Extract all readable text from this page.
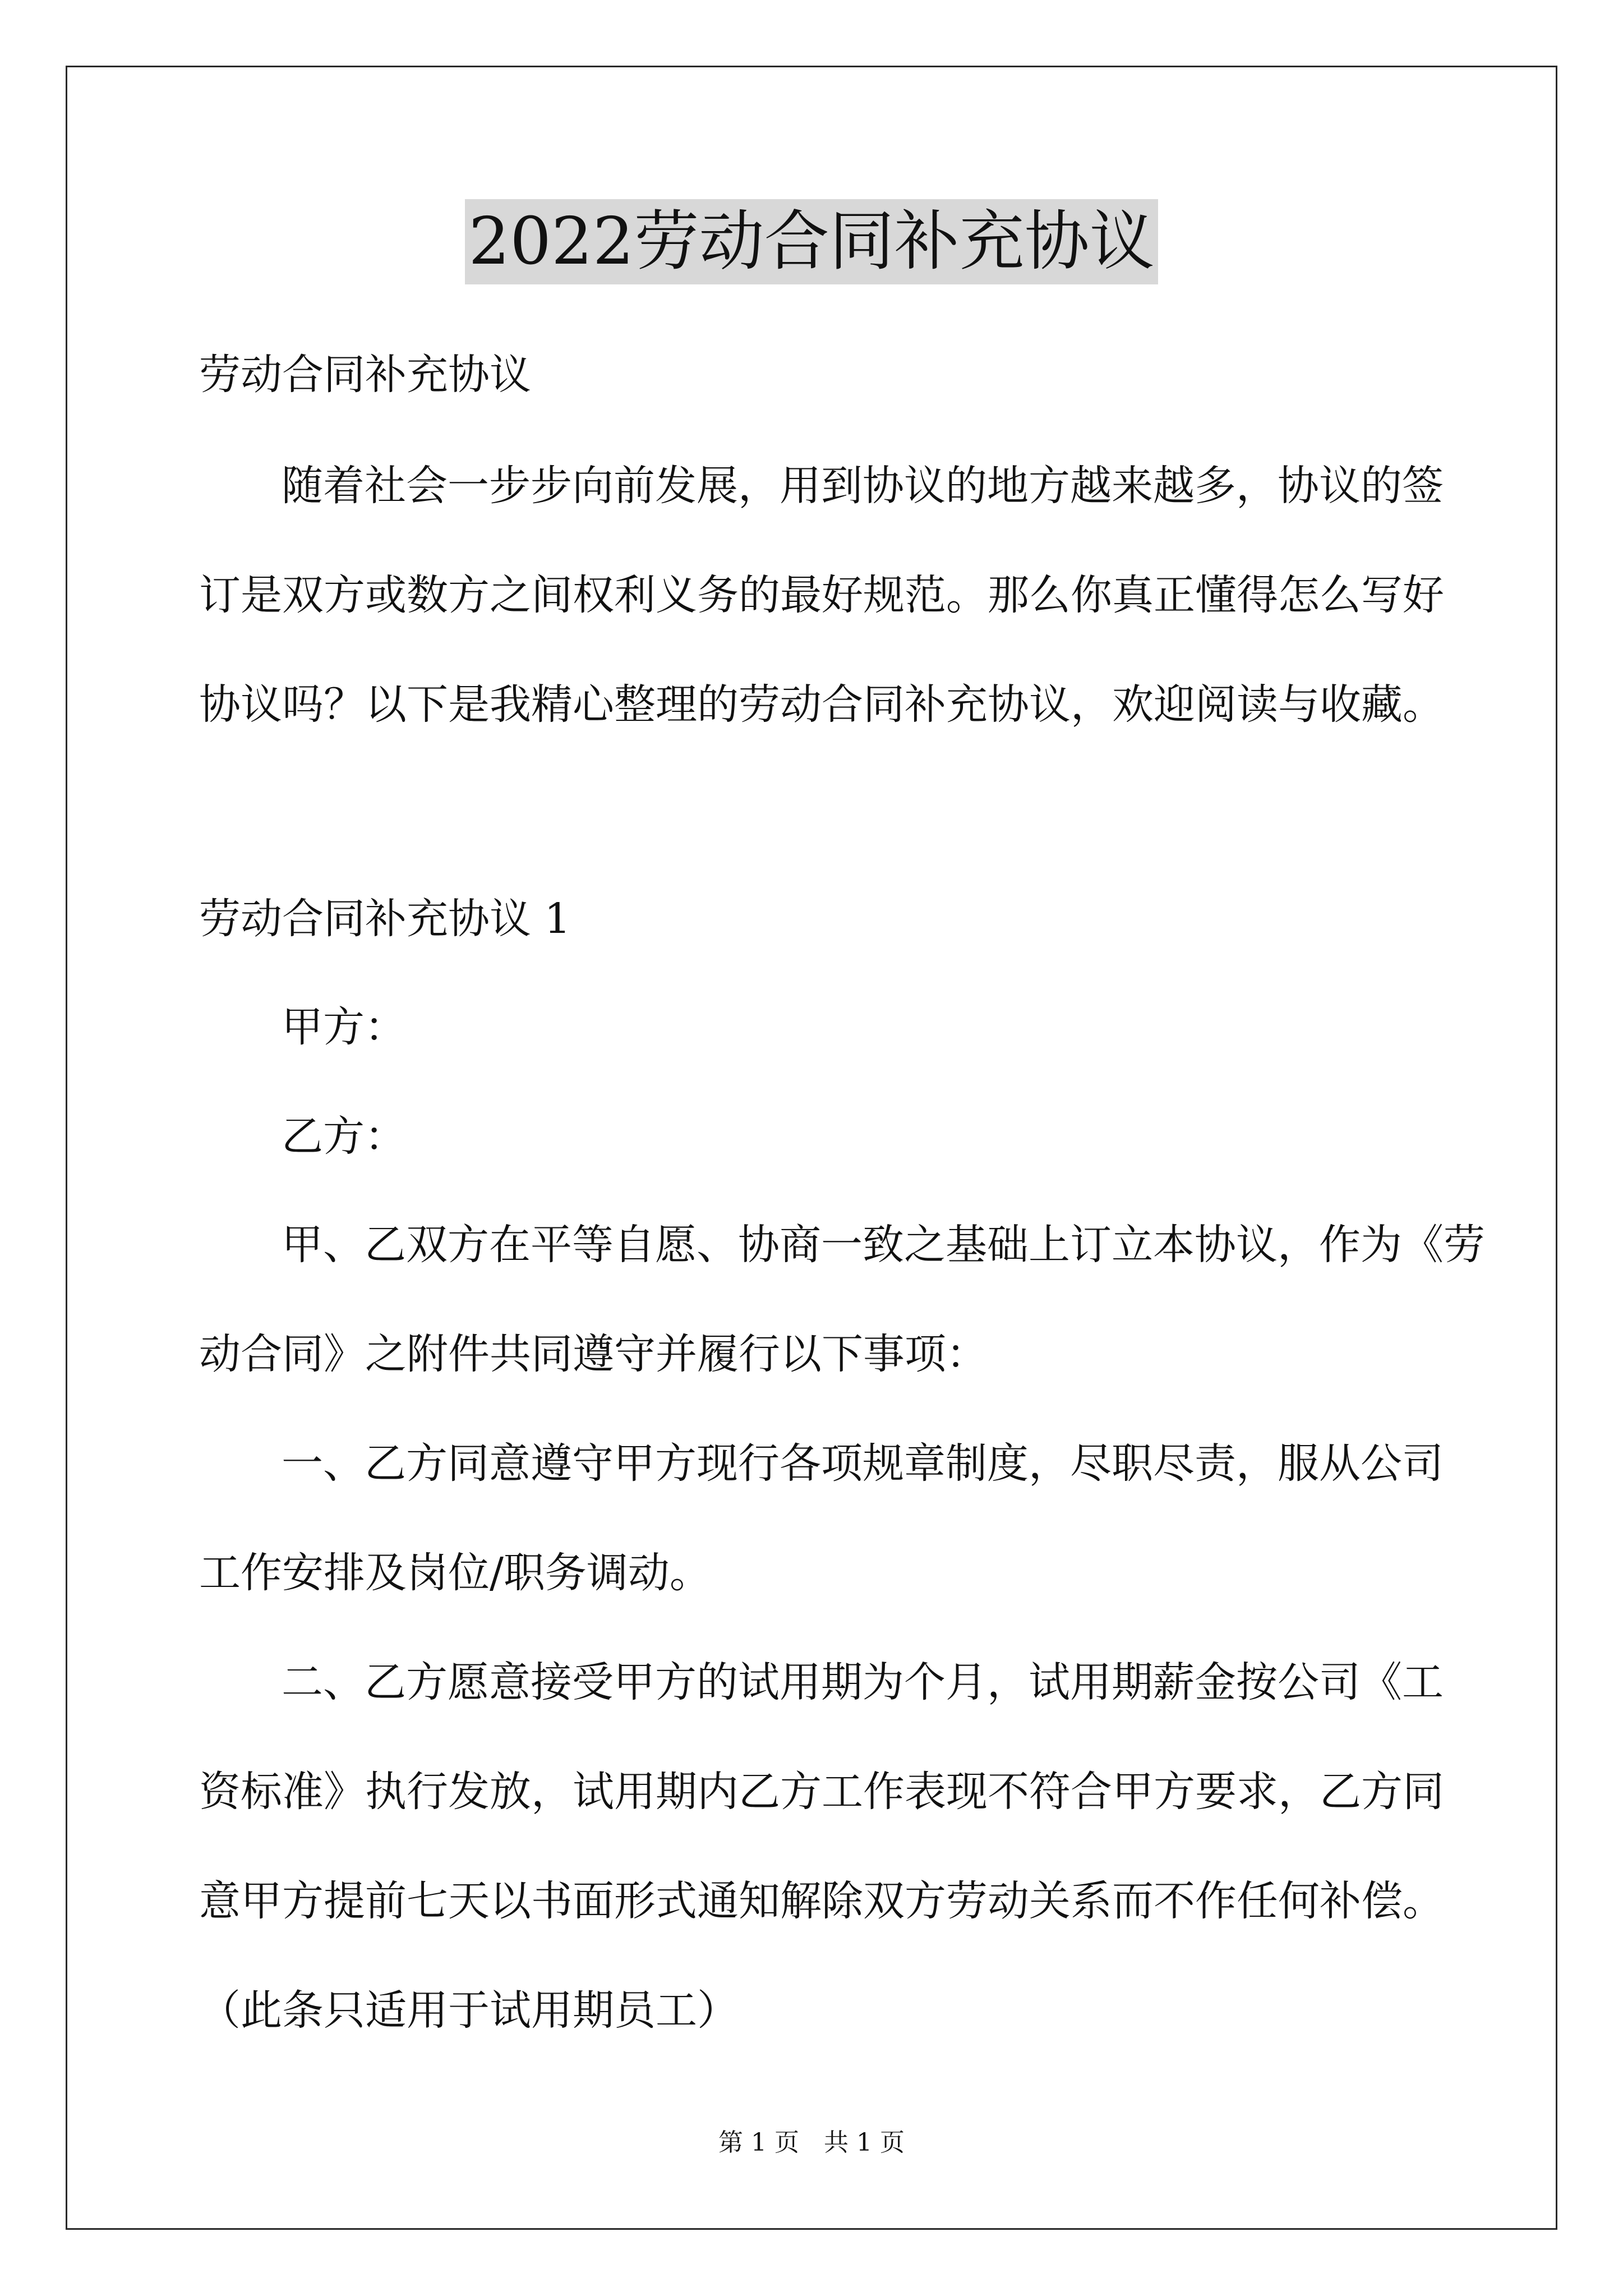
2022劳动合同补充协议
劳动合同补充协议
随着社会一步步向前发展，用到协议的地方越来越多，协议的签
订是双方或数方之间权利义务的最好规范。那么你真正懂得怎么写好
协议吗？以下是我精心整理的劳动合同补充协议，欢迎阅读与收藏。
劳动合同补充协议 1
甲方：
乙方：
甲、乙双方在平等自愿、协商一致之基础上订立本协议，作为《劳
动合同》之附件共同遵守并履行以下事项：
一、乙方同意遵守甲方现行各项规章制度，尽职尽责，服从公司
工作安排及岗位/职务调动。
二、乙方愿意接受甲方的试用期为个月，试用期薪金按公司《工
资标准》执行发放，试用期内乙方工作表现不符合甲方要求，乙方同
意甲方提前七天以书面形式通知解除双方劳动关系而不作任何补偿。
（此条只适用于试用期员工）
第 1 页　共 1 页
